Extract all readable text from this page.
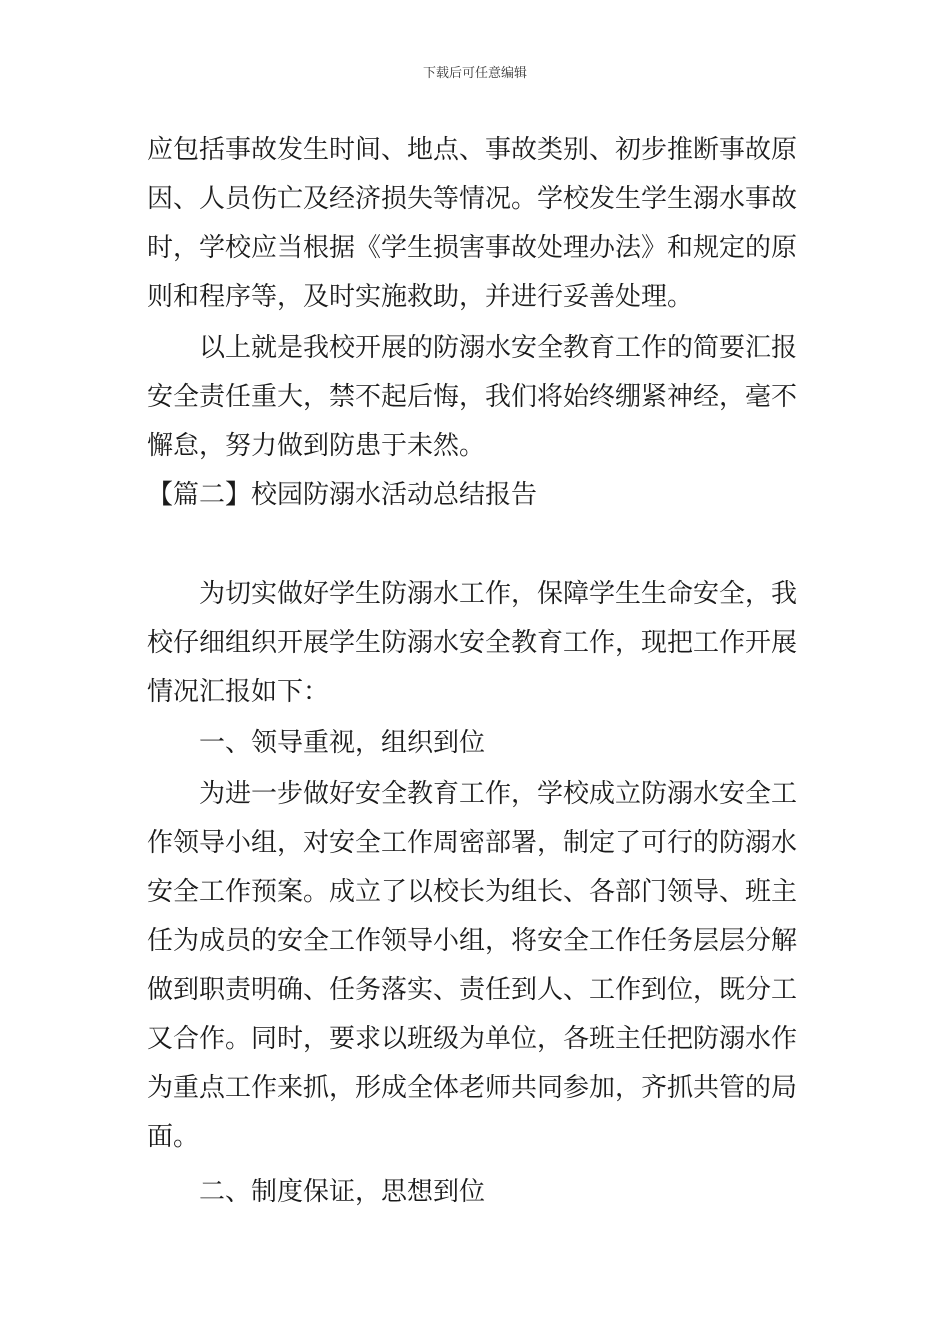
下载后可任意编辑
应包括事故发生时间、地点、事故类别、初步推断事故原
因、人员伤亡及经济损失等情况。学校发生学生溺水事故
时，学校应当根据《学生损害事故处理办法》和规定的原
则和程序等，及时实施救助，并进行妥善处理。
以上就是我校开展的防溺水安全教育工作的简要汇报
安全责任重大，禁不起后悔，我们将始终绷紧神经，毫不
懈怠，努力做到防患于未然。
【篇二】校园防溺水活动总结报告
为切实做好学生防溺水工作，保障学生生命安全，我
校仔细组织开展学生防溺水安全教育工作，现把工作开展
情况汇报如下：
一、领导重视，组织到位
为进一步做好安全教育工作，学校成立防溺水安全工
作领导小组，对安全工作周密部署，制定了可行的防溺水
安全工作预案。成立了以校长为组长、各部门领导、班主
任为成员的安全工作领导小组，将安全工作任务层层分解
做到职责明确、任务落实、责任到人、工作到位，既分工
又合作。同时，要求以班级为单位，各班主任把防溺水作
为重点工作来抓，形成全体老师共同参加，齐抓共管的局
面。
二、制度保证，思想到位
